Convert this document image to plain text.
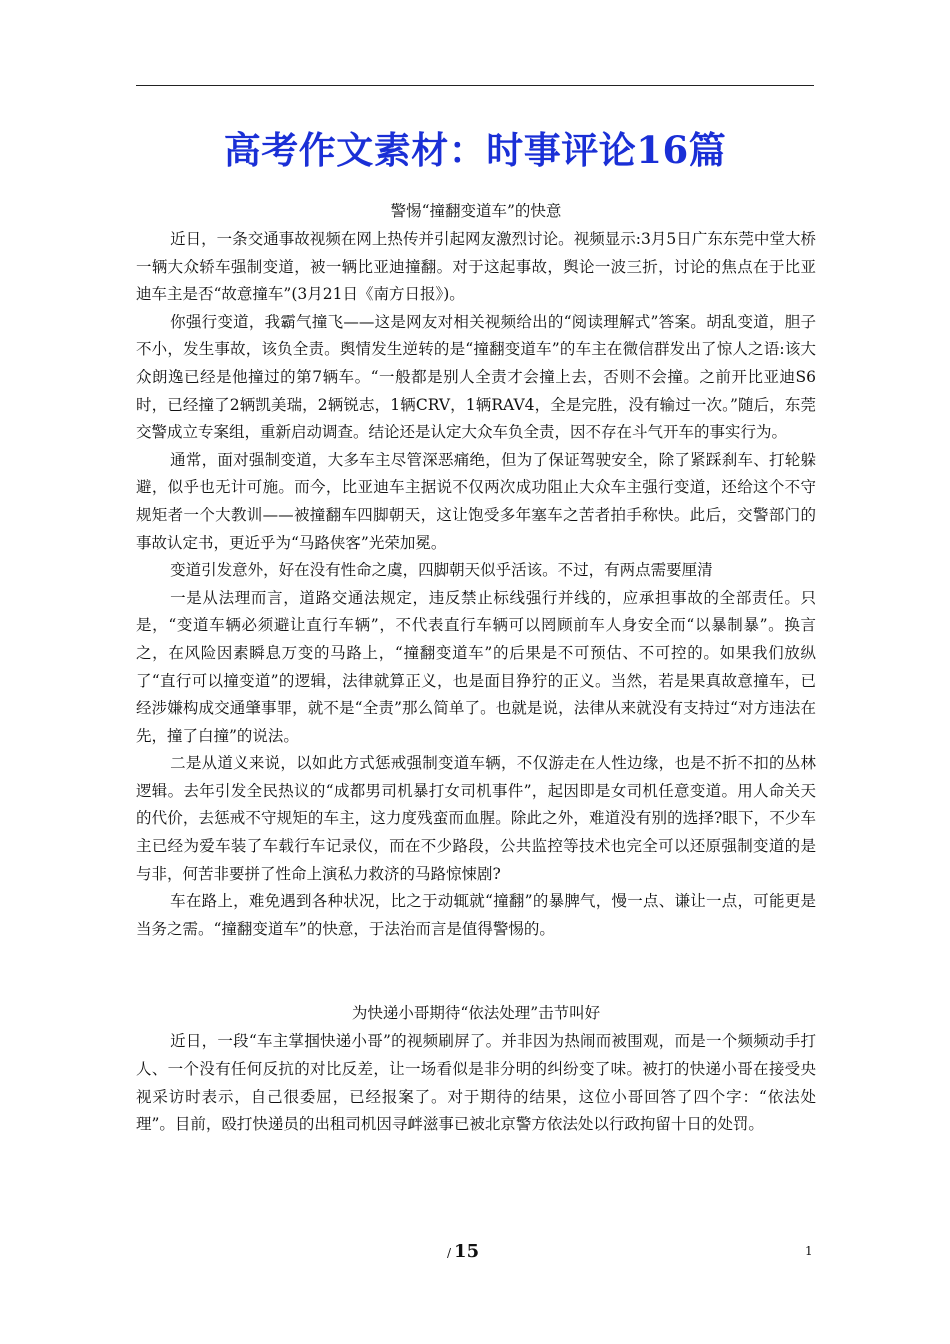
高考作文素材：时事评论16篇
警惕“撞翻变道车”的快意

近日，一条交通事故视频在网上热传并引起网友激烈讨论。视频显示:3月5日广东东莞中堂大桥一辆大众轿车强制变道，被一辆比亚迪撞翻。对于这起事故，舆论一波三折，讨论的焦点在于比亚迪车主是否“故意撞车”(3月21日《南方日报》)。

你强行变道，我霸气撞飞——这是网友对相关视频给出的“阅读理解式”答案。胡乱变道，胆子不小，发生事故，该负全责。舆情发生逆转的是“撞翻变道车”的车主在微信群发出了惊人之语:该大众朗逸已经是他撞过的第7辆车。“一般都是别人全责才会撞上去，否则不会撞。之前开比亚迪S6时，已经撞了2辆凯美瑞，2辆锐志，1辆CRV，1辆RAV4，全是完胜，没有输过一次。”随后，东莞交警成立专案组，重新启动调查。结论还是认定大众车负全责，因不存在斗气开车的事实行为。

通常，面对强制变道，大多车主尽管深恶痛绝，但为了保证驾驶安全，除了紧踩刹车、打轮躲避，似乎也无计可施。而今，比亚迪车主据说不仅两次成功阻止大众车主强行变道，还给这个不守规矩者一个大教训——被撞翻车四脚朝天，这让饱受多年塞车之苦者拍手称快。此后，交警部门的事故认定书，更近乎为“马路侠客”光荣加冕。

变道引发意外，好在没有性命之虞，四脚朝天似乎活该。不过，有两点需要厘清

一是从法理而言，道路交通法规定，违反禁止标线强行并线的，应承担事故的全部责任。只是，“变道车辆必须避让直行车辆”，不代表直行车辆可以罔顾前车人身安全而“以暴制暴”。换言之，在风险因素瞬息万变的马路上，“撞翻变道车”的后果是不可预估、不可控的。如果我们放纵了“直行可以撞变道”的逻辑，法律就算正义，也是面目狰狞的正义。当然，若是果真故意撞车，已经涉嫌构成交通肇事罪，就不是“全责”那么简单了。也就是说，法律从来就没有支持过“对方违法在先，撞了白撞”的说法。

二是从道义来说，以如此方式惩戒强制变道车辆，不仅游走在人性边缘，也是不折不扣的丛林逻辑。去年引发全民热议的“成都男司机暴打女司机事件”，起因即是女司机任意变道。用人命关天的代价，去惩戒不守规矩的车主，这力度残蛮而血腥。除此之外，难道没有别的选择?眼下，不少车主已经为爱车装了车载行车记录仪，而在不少路段，公共监控等技术也完全可以还原强制变道的是与非，何苦非要拼了性命上演私力救济的马路惊悚剧?

车在路上，难免遇到各种状况，比之于动辄就“撞翻”的暴脾气，慢一点、谦让一点，可能更是当务之需。“撞翻变道车”的快意，于法治而言是值得警惕的。

为快递小哥期待“依法处理”击节叫好

近日，一段“车主掌掴快递小哥”的视频刷屏了。并非因为热闹而被围观，而是一个频频动手打人、一个没有任何反抗的对比反差，让一场看似是非分明的纠纷变了味。被打的快递小哥在接受央视采访时表示，自己很委屈，已经报案了。对于期待的结果，这位小哥回答了四个字：“依法处理”。目前，殴打快递员的出租司机因寻衅滋事已被北京警方依法处以行政拘留十日的处罚。

/ 15	1
